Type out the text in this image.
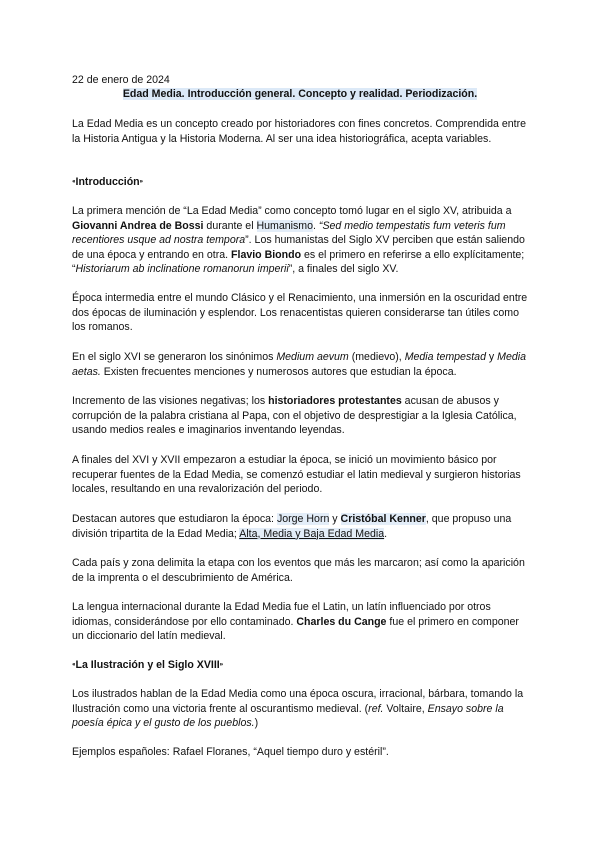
22 de enero de 2024
Edad Media. Introducción general. Concepto y realidad. Periodización.
La Edad Media es un concepto creado por historiadores con fines concretos. Comprendida entre la Historia Antigua y la Historia Moderna. Al ser una idea historiográfica, acepta variables.
⁌Introducción⁍
La primera mención de “La Edad Media” como concepto tomó lugar en el siglo XV, atribuida a Giovanni Andrea de Bossi durante el Humanismo. “Sed medio tempestatis fum veteris fum recentiores usque ad nostra tempora”. Los humanistas del Siglo XV perciben que están saliendo de una época y entrando en otra. Flavio Biondo es el primero en referirse a ello explícitamente; “Historiarum ab inclinatione romanorun imperii”, a finales del siglo XV.
Época intermedia entre el mundo Clásico y el Renacimiento, una inmersión en la oscuridad entre dos épocas de iluminación y esplendor. Los renacentistas quieren considerarse tan útiles como los romanos.
En el siglo XVI se generaron los sinónimos Medium aevum (medievo), Media tempestad y Media aetas. Existen frecuentes menciones y numerosos autores que estudian la época.
Incremento de las visiones negativas; los historiadores protestantes acusan de abusos y corrupción de la palabra cristiana al Papa, con el objetivo de desprestigiar a la Iglesia Católica, usando medios reales e imaginarios inventando leyendas.
A finales del XVI y XVII empezaron a estudiar la época, se inició un movimiento básico por recuperar fuentes de la Edad Media, se comenzó estudiar el latin medieval y surgieron historias locales, resultando en una revalorización del periodo.
Destacan autores que estudiaron la época: Jorge Horn y Cristóbal Kenner, que propuso una división tripartita de la Edad Media; Alta, Media y Baja Edad Media.
Cada país y zona delimita la etapa con los eventos que más les marcaron; así como la aparición de la imprenta o el descubrimiento de América.
La lengua internacional durante la Edad Media fue el Latin, un latín influenciado por otros idiomas, considerándose por ello contaminado. Charles du Cange fue el primero en componer un diccionario del latín medieval.
⁌La Ilustración y el Siglo XVIII⁍
Los ilustrados hablan de la Edad Media como una época oscura, irracional, bárbara, tomando la Ilustración como una victoria frente al oscurantismo medieval. (ref. Voltaire, Ensayo sobre la poesía épica y el gusto de los pueblos.)
Ejemplos españoles: Rafael Floranes, “Aquel tiempo duro y estéril”.
